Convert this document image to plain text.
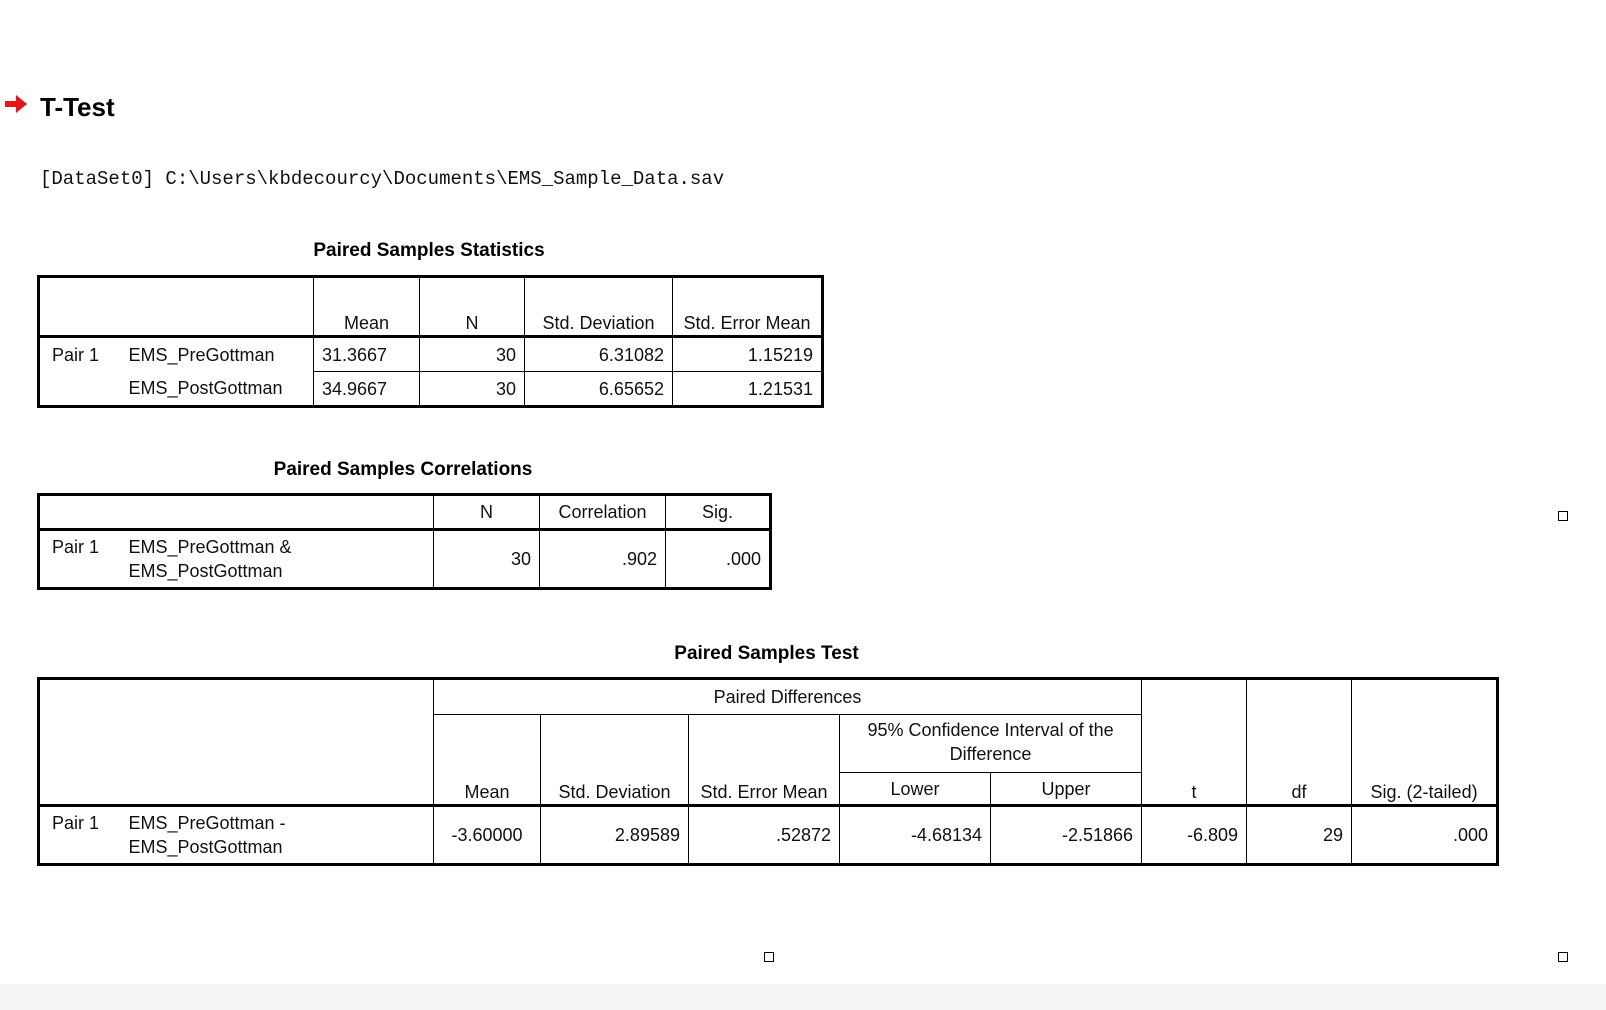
T-Test
[DataSet0] C:\Users\kbdecourcy\Documents\EMS_Sample_Data.sav
Paired Samples Statistics
		Mean	N	Std. Deviation	Std. Error Mean
Pair 1	EMS_PreGottman	31.3667	30	6.31082	1.15219
	EMS_PostGottman	34.9667	30	6.65652	1.21531
Paired Samples Correlations
		N	Correlation	Sig.
Pair 1	EMS_PreGottman & EMS_PostGottman	30	.902	.000
Paired Samples Test
		Paired Differences					t	df	Sig. (2-tailed)
		Mean	Std. Deviation	Std. Error Mean	95% Confidence Interval of the Difference				
					Lower	Upper			
Pair 1	EMS_PreGottman - EMS_PostGottman	-3.60000	2.89589	.52872	-4.68134	-2.51866	-6.809	29	.000
